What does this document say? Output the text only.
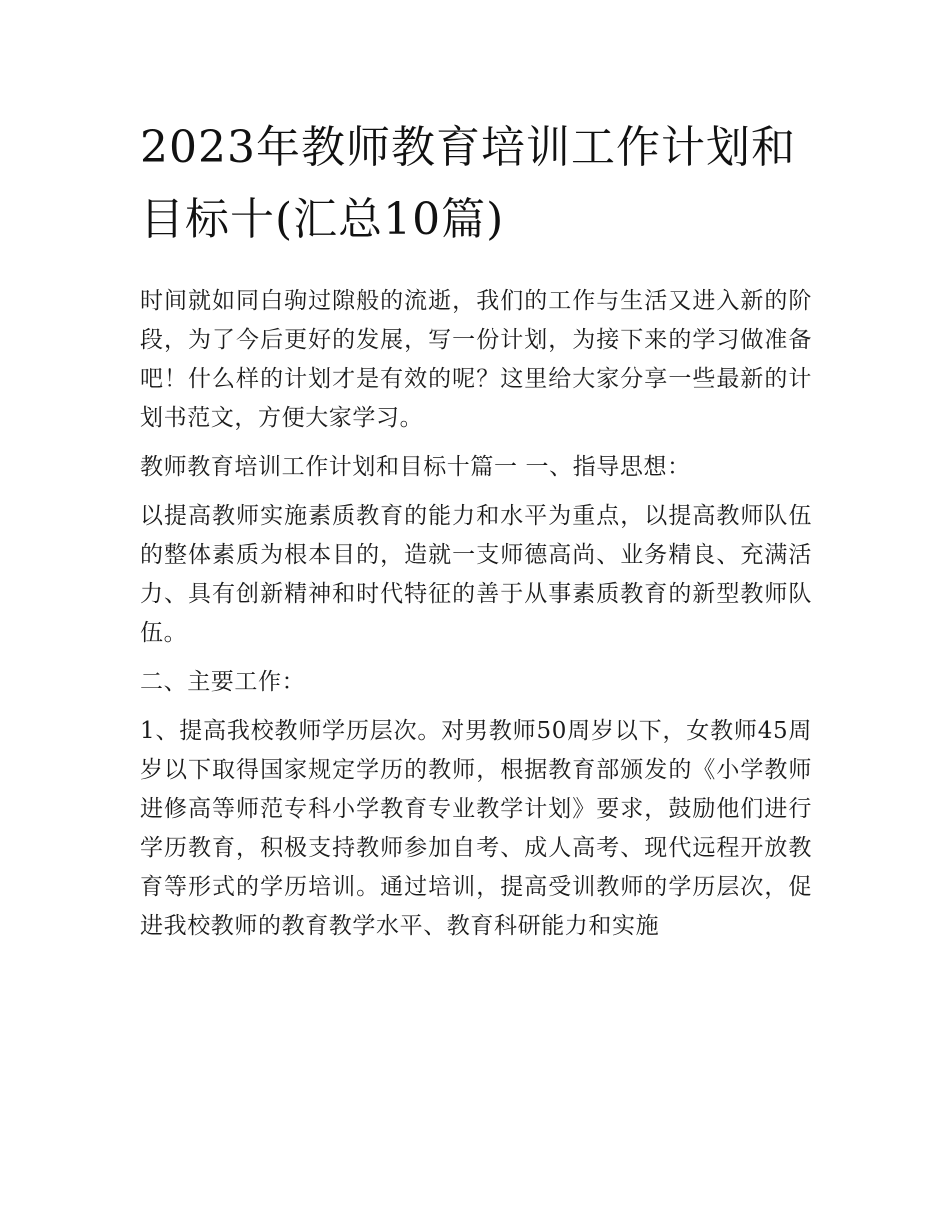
2023年教师教育培训工作计划和目标十(汇总10篇)

时间就如同白驹过隙般的流逝，我们的工作与生活又进入新的阶段，为了今后更好的发展，写一份计划，为接下来的学习做准备吧！什么样的计划才是有效的呢？这里给大家分享一些最新的计划书范文，方便大家学习。

教师教育培训工作计划和目标十篇一 一、指导思想：

以提高教师实施素质教育的能力和水平为重点，以提高教师队伍的整体素质为根本目的，造就一支师德高尚、业务精良、充满活力、具有创新精神和时代特征的善于从事素质教育的新型教师队伍。

二、主要工作：

1、提高我校教师学历层次。对男教师50周岁以下，女教师45周岁以下取得国家规定学历的教师，根据教育部颁发的《小学教师进修高等师范专科小学教育专业教学计划》要求，鼓励他们进行学历教育，积极支持教师参加自考、成人高考、现代远程开放教育等形式的学历培训。通过培训，提高受训教师的学历层次，促进我校教师的教育教学水平、教育科研能力和实施
